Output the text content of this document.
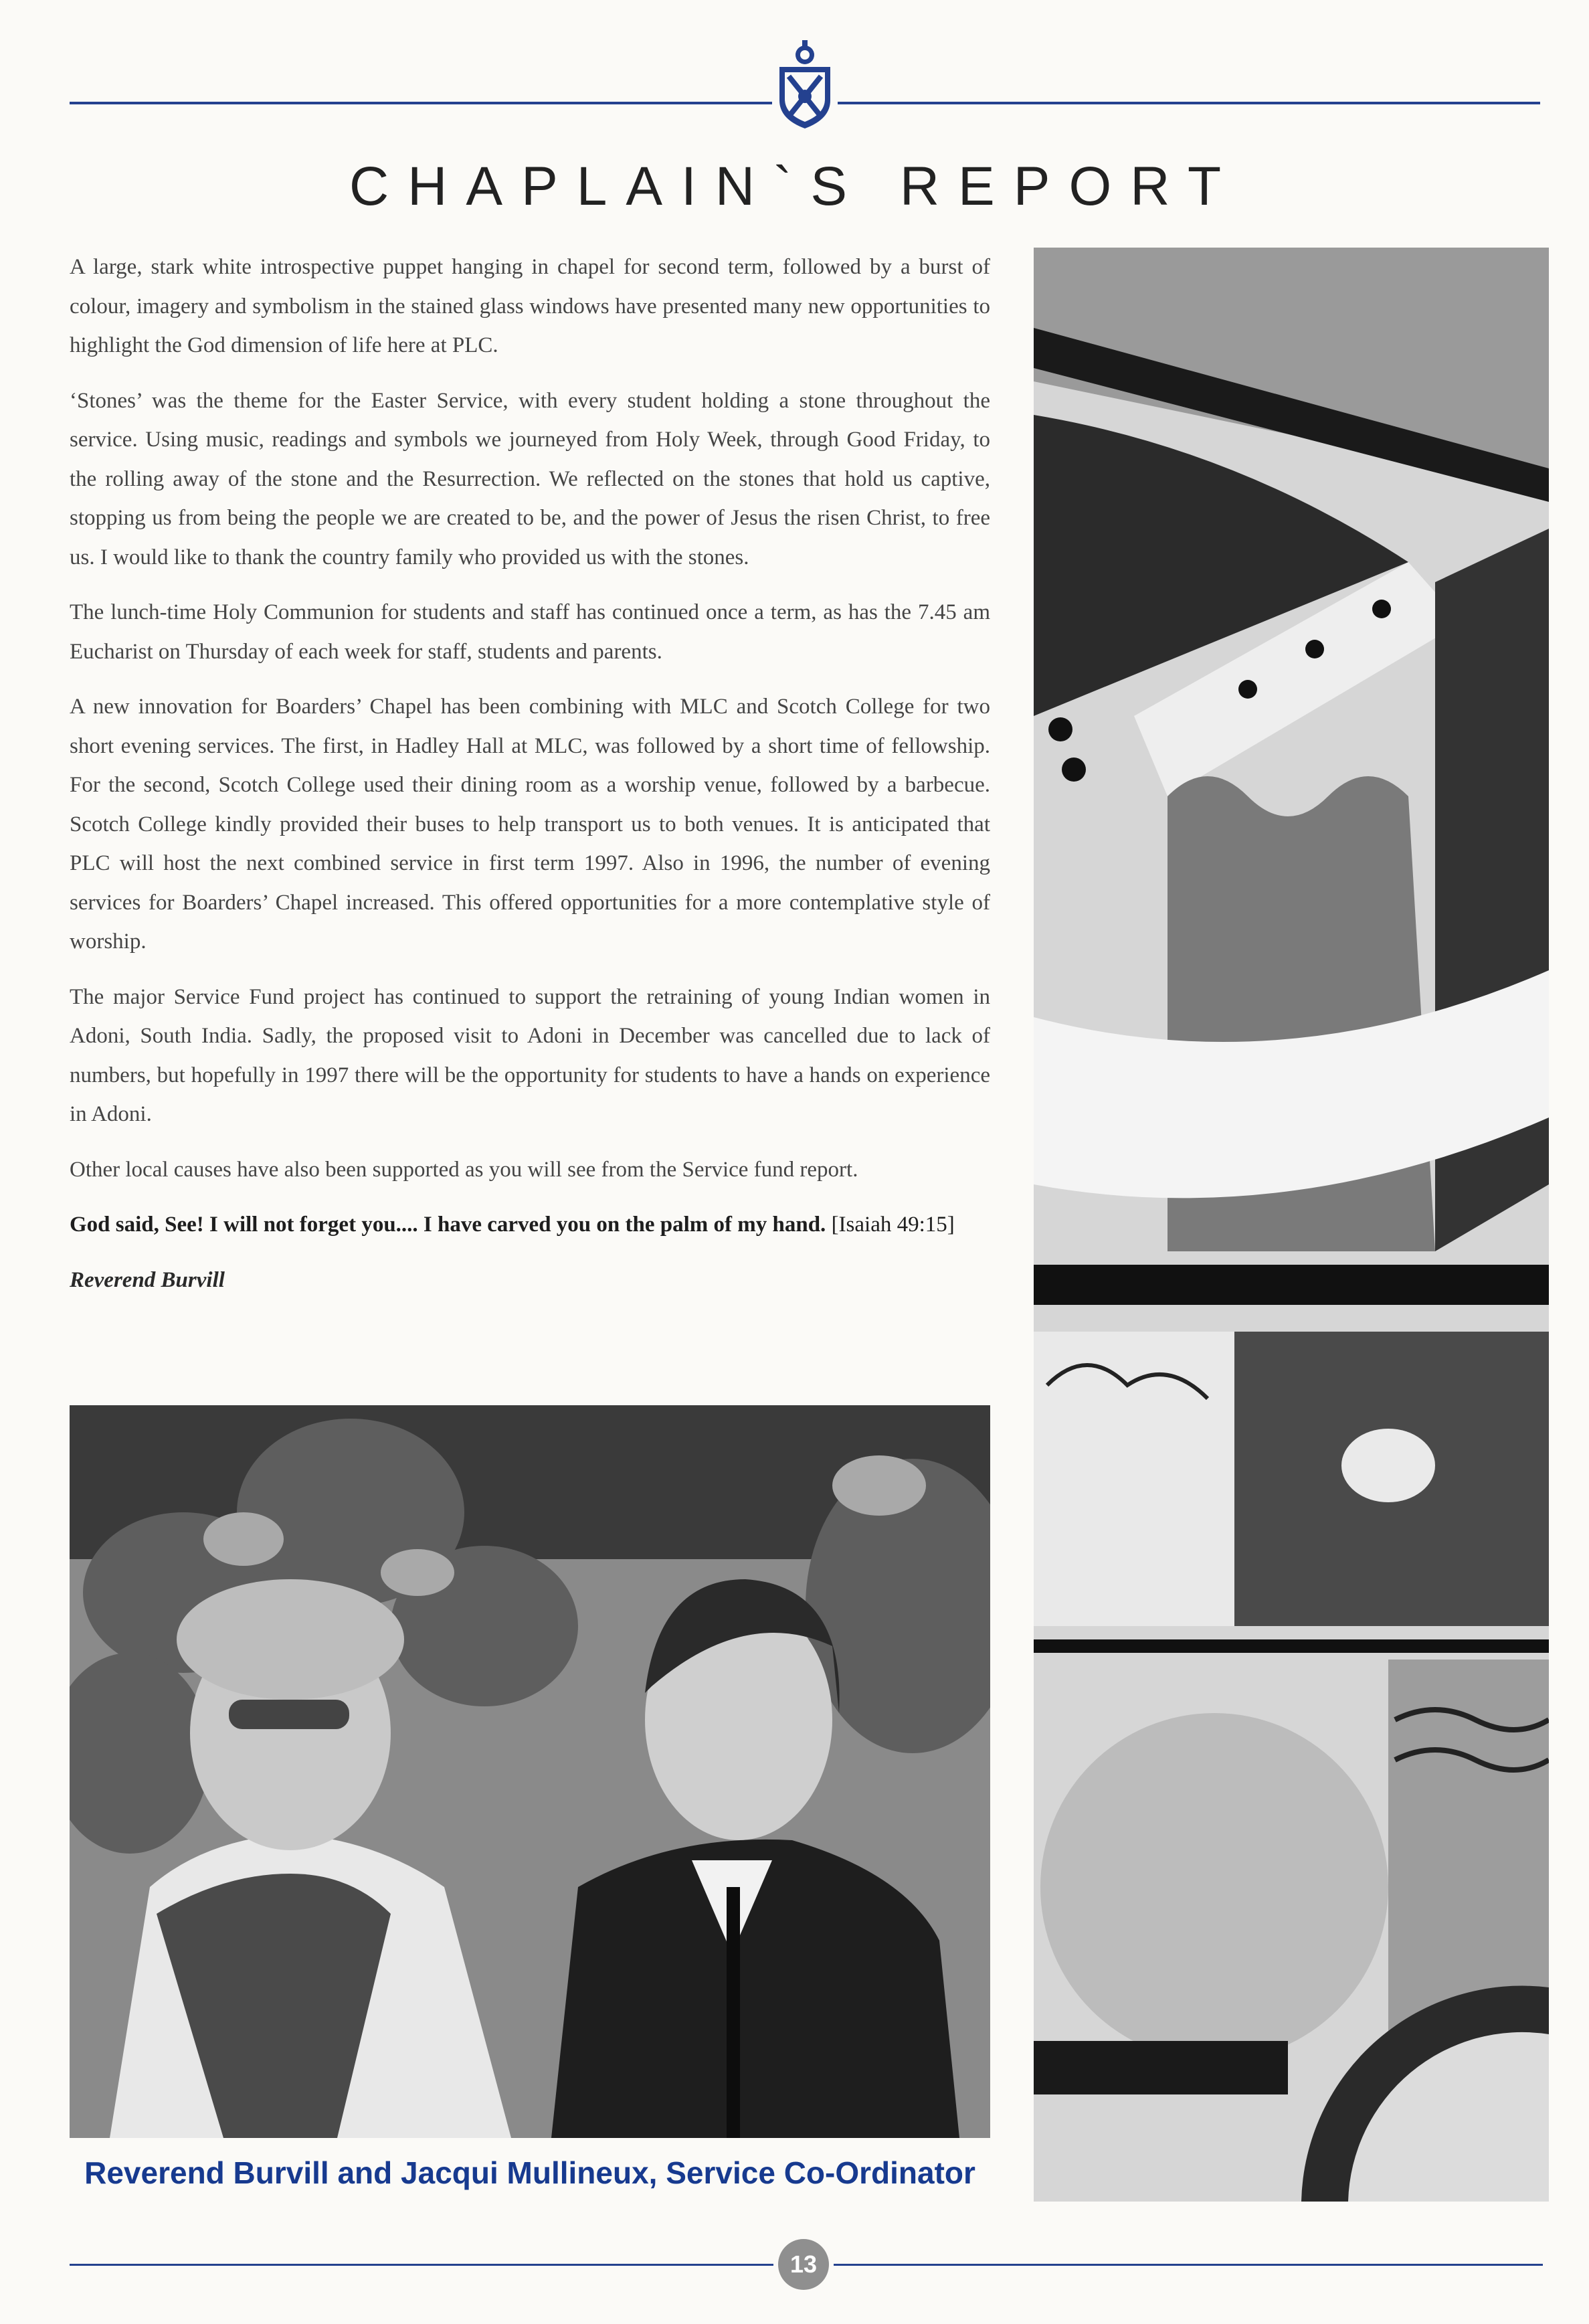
CHAPLAIN`S REPORT

A large, stark white introspective puppet hanging in chapel for second term, followed by a burst of colour, imagery and symbolism in the stained glass windows have presented many new opportunities to highlight the God dimension of life here at PLC.

‘Stones’ was the theme for the Easter Service, with every student holding a stone throughout the service. Using music, readings and symbols we journeyed from Holy Week, through Good Friday, to the rolling away of the stone and the Resurrection. We reflected on the stones that hold us captive, stopping us from being the people we are created to be, and the power of Jesus the risen Christ, to free us. I would like to thank the country family who provided us with the stones.

The lunch-time Holy Communion for students and staff has continued once a term, as has the 7.45 am Eucharist on Thursday of each week for staff, students and parents.

A new innovation for Boarders’ Chapel has been combining with MLC and Scotch College for two short evening services. The first, in Hadley Hall at MLC, was followed by a short time of fellowship. For the second, Scotch College used their dining room as a worship venue, followed by a barbecue. Scotch College kindly provided their buses to help transport us to both venues. It is anticipated that PLC will host the next combined service in first term 1997. Also in 1996, the number of evening services for Boarders’ Chapel increased. This offered opportunities for a more contemplative style of worship.

The major Service Fund project has continued to support the retraining of young Indian women in Adoni, South India. Sadly, the proposed visit to Adoni in December was cancelled due to lack of numbers, but hopefully in 1997 there will be the opportunity for students to have a hands on experience in Adoni.

Other local causes have also been supported as you will see from the Service fund report.

God said, See! I will not forget you.... I have carved you on the palm of my hand. [Isaiah 49:15]

Reverend Burvill

Reverend Burvill and Jacqui Mullineux, Service Co-Ordinator
13
